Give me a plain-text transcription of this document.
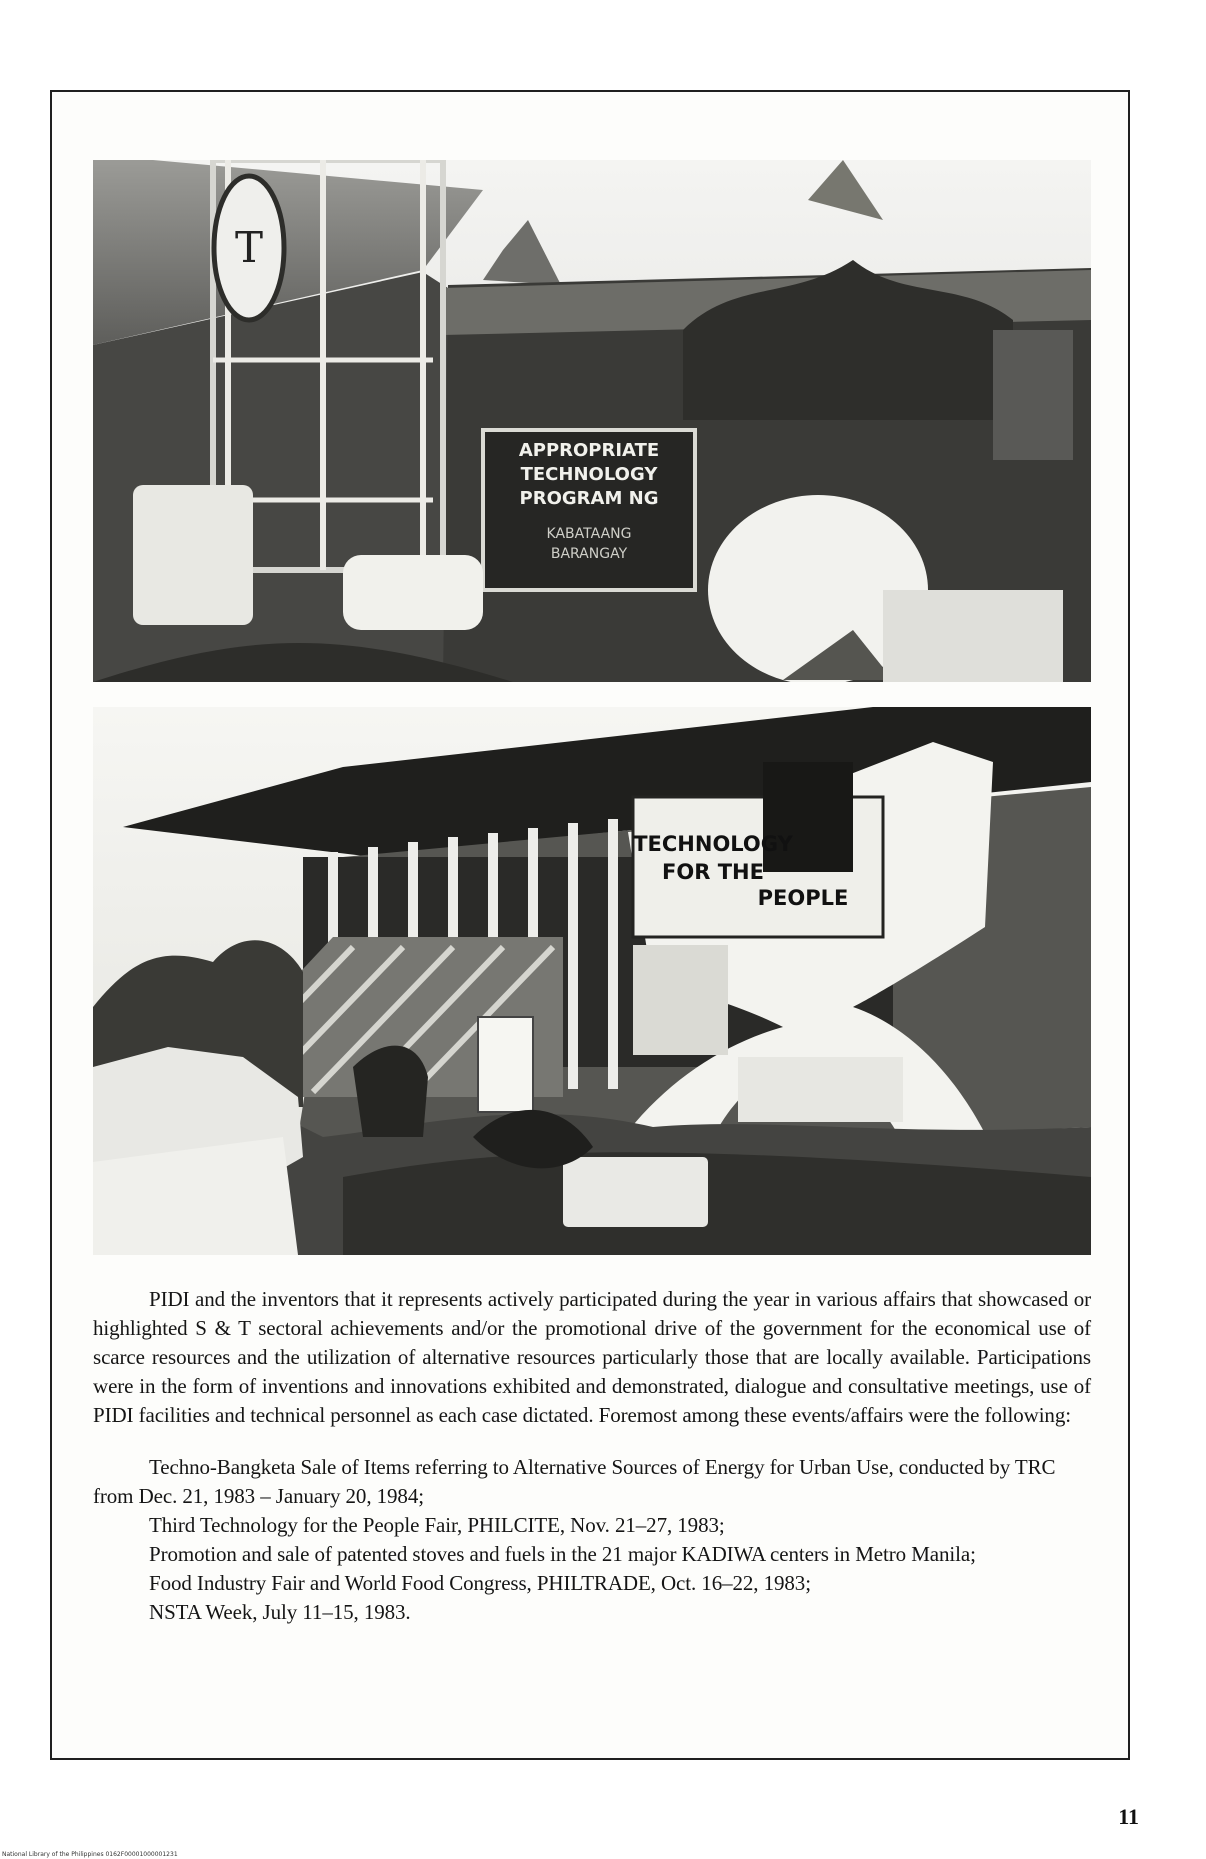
T
APPROPRIATE
TECHNOLOGY
PROGRAM NG
KABATAANG
BARANGAY
TECHNOLOGY
FOR THE
PEOPLE

PIDI and the inventors that it represents actively participated during the year in various affairs that showcased or highlighted S & T sectoral achievements and/or the promotional drive of the government for the economical use of scarce resources and the utilization of alternative resources particularly those that are locally available. Participations were in the form of inventions and innovations exhibited and demonstrated, dialogue and consultative meetings, use of PIDI facilities and technical personnel as each case dictated. Foremost among these events/affairs were the following:

Techno-Bangketa Sale of Items referring to Alternative Sources of Energy for Urban Use, conducted by TRC from Dec. 21, 1983 – January 20, 1984;
Third Technology for the People Fair, PHILCITE, Nov. 21–27, 1983;
Promotion and sale of patented stoves and fuels in the 21 major KADIWA centers in Metro Manila;
Food Industry Fair and World Food Congress, PHILTRADE, Oct. 16–22, 1983;
NSTA Week, July 11–15, 1983.
11
National Library of the Philippines 0162F00001000001231
